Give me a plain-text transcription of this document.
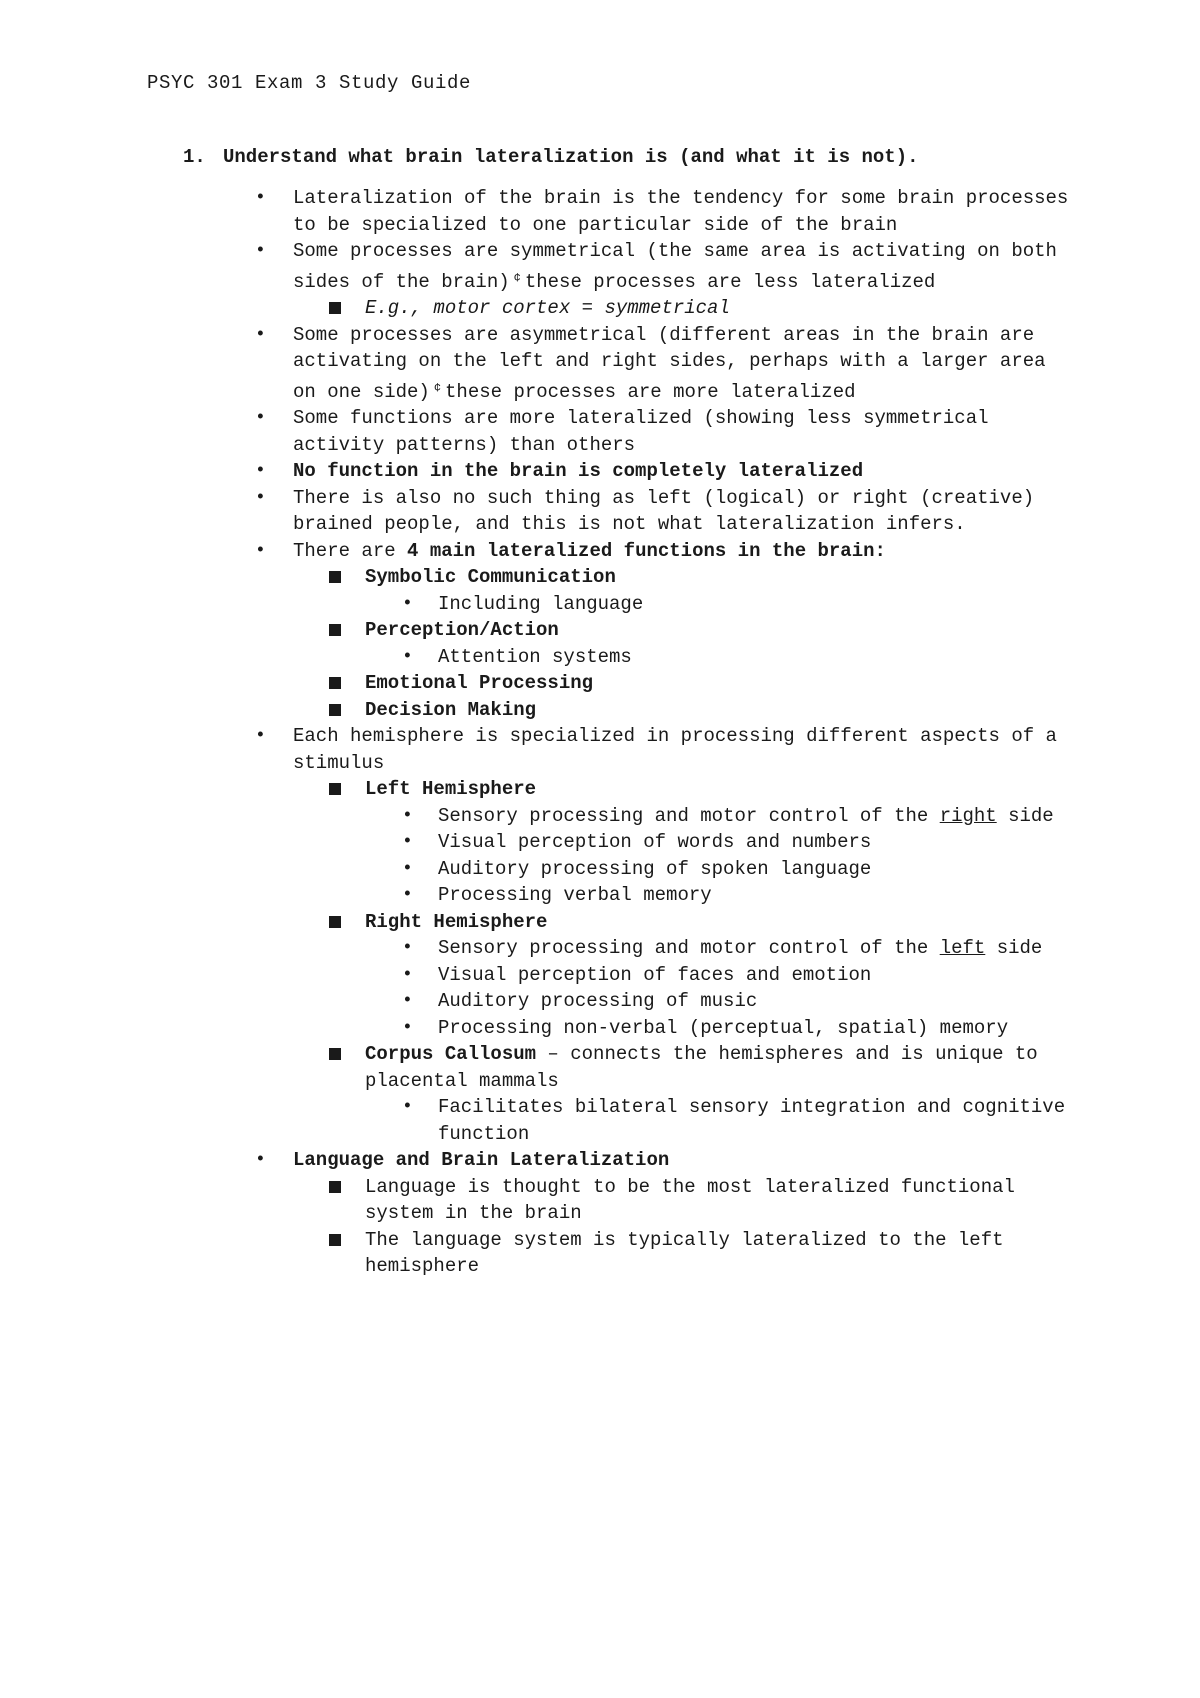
PSYC 301 Exam 3 Study Guide
1. Understand what brain lateralization is (and what it is not).
• Lateralization of the brain is the tendency for some brain processes to be specialized to one particular side of the brain
• Some processes are symmetrical (the same area is activating on both sides of the brain) ¢ these processes are less lateralized
E.g., motor cortex = symmetrical
• Some processes are asymmetrical (different areas in the brain are activating on the left and right sides, perhaps with a larger area on one side) ¢ these processes are more lateralized
• Some functions are more lateralized (showing less symmetrical activity patterns) than others
• No function in the brain is completely lateralized
• There is also no such thing as left (logical) or right (creative) brained people, and this is not what lateralization infers.
• There are 4 main lateralized functions in the brain:
Symbolic Communication
• Including language
Perception/Action
• Attention systems
Emotional Processing
Decision Making
• Each hemisphere is specialized in processing different aspects of a stimulus
Left Hemisphere
• Sensory processing and motor control of the right side
• Visual perception of words and numbers
• Auditory processing of spoken language
• Processing verbal memory
Right Hemisphere
• Sensory processing and motor control of the left side
• Visual perception of faces and emotion
• Auditory processing of music
• Processing non-verbal (perceptual, spatial) memory
Corpus Callosum – connects the hemispheres and is unique to placental mammals
• Facilitates bilateral sensory integration and cognitive function
• Language and Brain Lateralization
Language is thought to be the most lateralized functional system in the brain
The language system is typically lateralized to the left hemisphere
